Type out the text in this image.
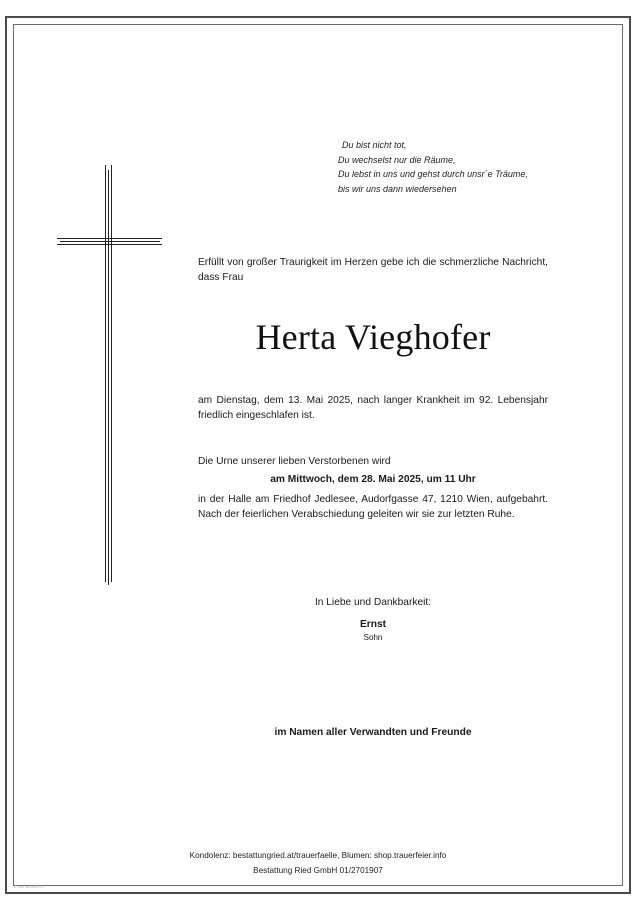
Du bist nicht tot,
Du wechselst nur die Räume,
Du lebst in uns und gehst durch unsr´e Träume,
bis wir uns dann wiedersehen
Erfüllt von großer Traurigkeit im Herzen gebe ich die schmerzliche Nachricht, dass Frau
Herta Vieghofer
am Dienstag, dem 13. Mai 2025, nach langer Krankheit im 92. Lebensjahr friedlich eingeschlafen ist.
Die Urne unserer lieben Verstorbenen wird
am Mittwoch, dem 28. Mai 2025, um 11 Uhr
in der Halle am Friedhof Jedlesee, Audorfgasse 47, 1210 Wien, aufgebahrt. Nach der feierlichen Verabschiedung geleiten wir sie zur letzten Ruhe.
In Liebe und Dankbarkeit:
Ernst
Sohn
im Namen aller Verwandten und Freunde
Kondolenz: bestattungried.at/trauerfaelle, Blumen: shop.trauerfeier.info
Bestattung Ried GmbH 01/2701907
© Bst. 893023 07
